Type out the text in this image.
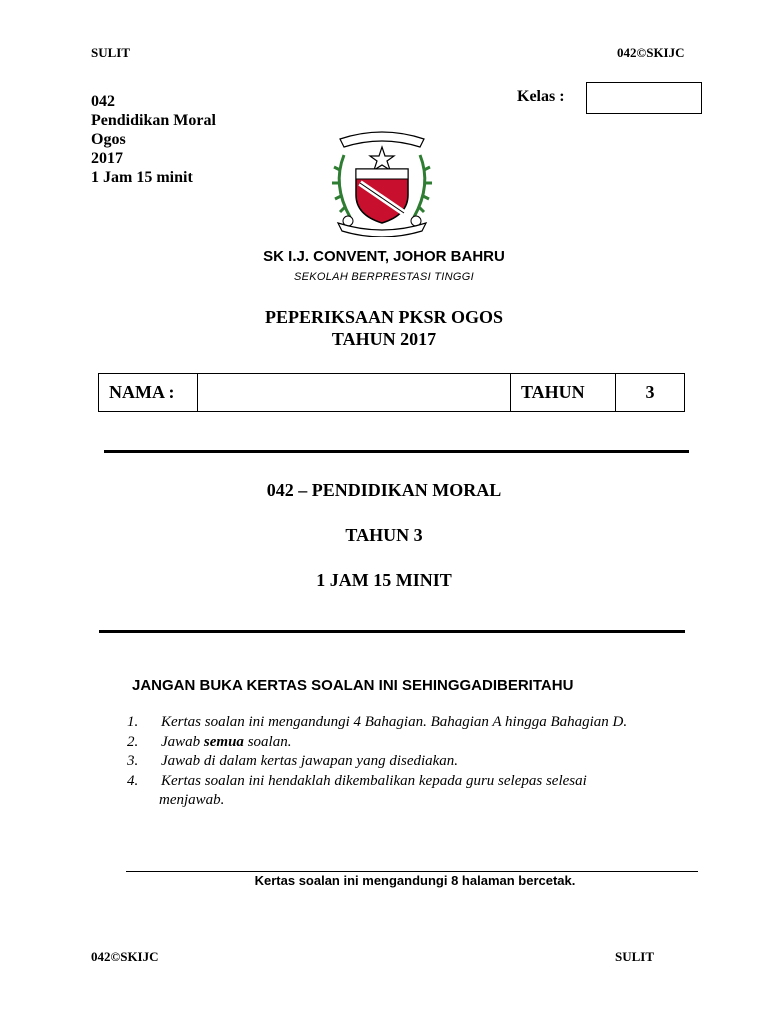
SULIT	042©SKIJC
042
Pendidikan Moral
Ogos
2017
1 Jam 15 minit
Kelas :
SK I.J. CONVENT, JOHOR BAHRU
SEKOLAH BERPRESTASI TINGGI
PEPERIKSAAN PKSR OGOS
TAHUN 2017
NAMA :		TAHUN	3
042 – PENDIDIKAN MORAL
TAHUN 3
1 JAM 15 MINIT
JANGAN BUKA KERTAS SOALAN INI SEHINGGADIBERITAHU
1. Kertas soalan ini mengandungi 4 Bahagian. Bahagian A hingga Bahagian D.
2. Jawab semua soalan.
3. Jawab di dalam kertas jawapan yang disediakan.
4. Kertas soalan ini hendaklah dikembalikan kepada guru selepas selesai
menjawab.
Kertas soalan ini mengandungi 8 halaman bercetak.
042©SKIJC	SULIT
